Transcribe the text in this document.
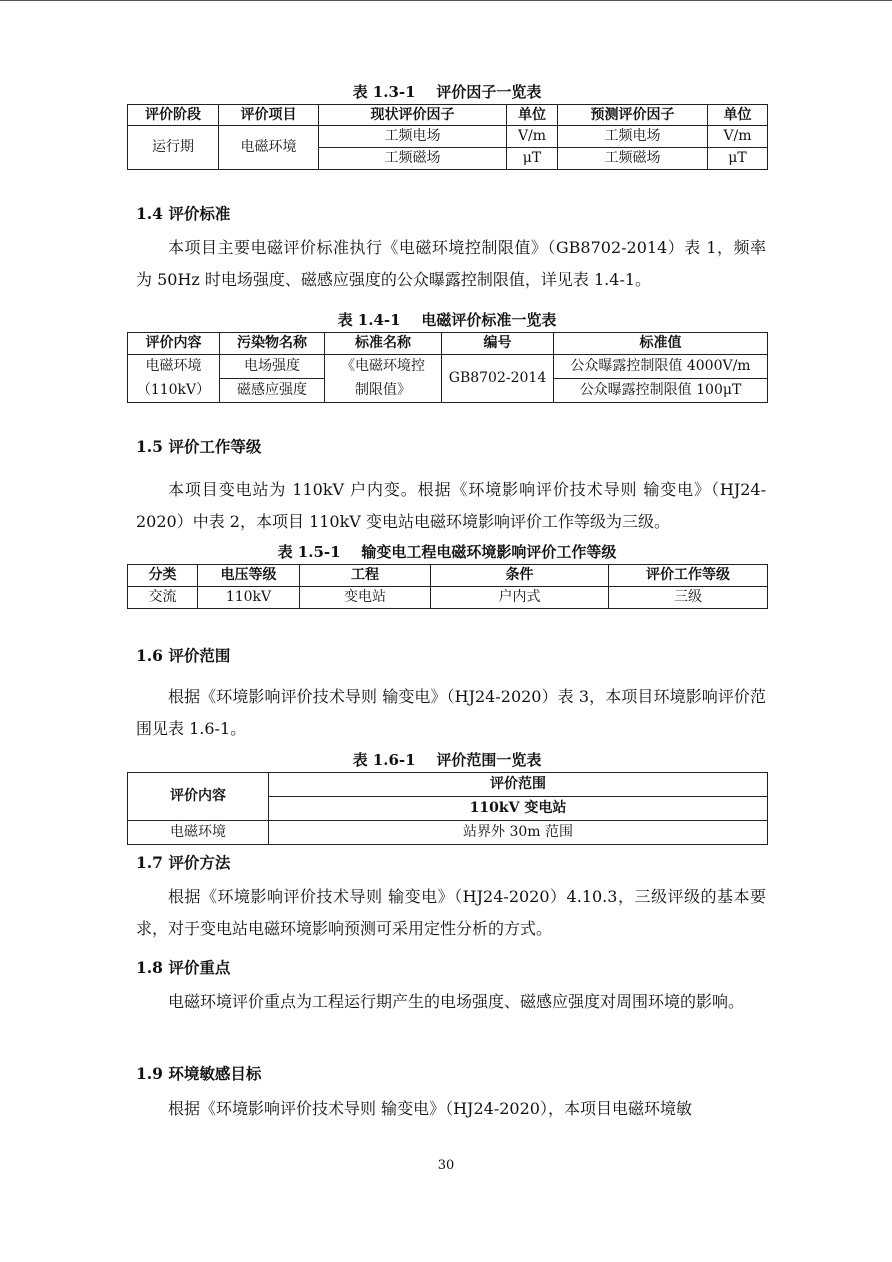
表 1.3-1    评价因子一览表
评价阶段	评价项目	现状评价因子	单位	预测评价因子	单位
运行期	电磁环境	工频电场	V/m	工频电场	V/m
		工频磁场	μT	工频磁场	μT
1.4 评价标准
本项目主要电磁评价标准执行《电磁环境控制限值》（GB8702-2014）表 1，频率为 50Hz 时电场强度、磁感应强度的公众曝露控制限值，详见表 1.4-1。
表 1.4-1    电磁评价标准一览表
评价内容	污染物名称	标准名称	编号	标准值
电磁环境	电场强度	《电磁环境控	GB8702-2014	公众曝露控制限值 4000V/m
（110kV）	磁感应强度	制限值》		公众曝露控制限值 100μT
1.5 评价工作等级
本项目变电站为 110kV 户内变。根据《环境影响评价技术导则 输变电》（HJ24-2020）中表 2，本项目 110kV 变电站电磁环境影响评价工作等级为三级。
表 1.5-1    输变电工程电磁环境影响评价工作等级
分类	电压等级	工程	条件	评价工作等级
交流	110kV	变电站	户内式	三级
1.6 评价范围
根据《环境影响评价技术导则 输变电》（HJ24-2020）表 3，本项目环境影响评价范围见表 1.6-1。
表 1.6-1    评价范围一览表
评价内容	评价范围
	110kV 变电站
电磁环境	站界外 30m 范围
1.7 评价方法
根据《环境影响评价技术导则 输变电》（HJ24-2020）4.10.3，三级评级的基本要求，对于变电站电磁环境影响预测可采用定性分析的方式。
1.8 评价重点
电磁环境评价重点为工程运行期产生的电场强度、磁感应强度对周围环境的影响。
1.9 环境敏感目标
根据《环境影响评价技术导则 输变电》（HJ24-2020），本项目电磁环境敏
30
